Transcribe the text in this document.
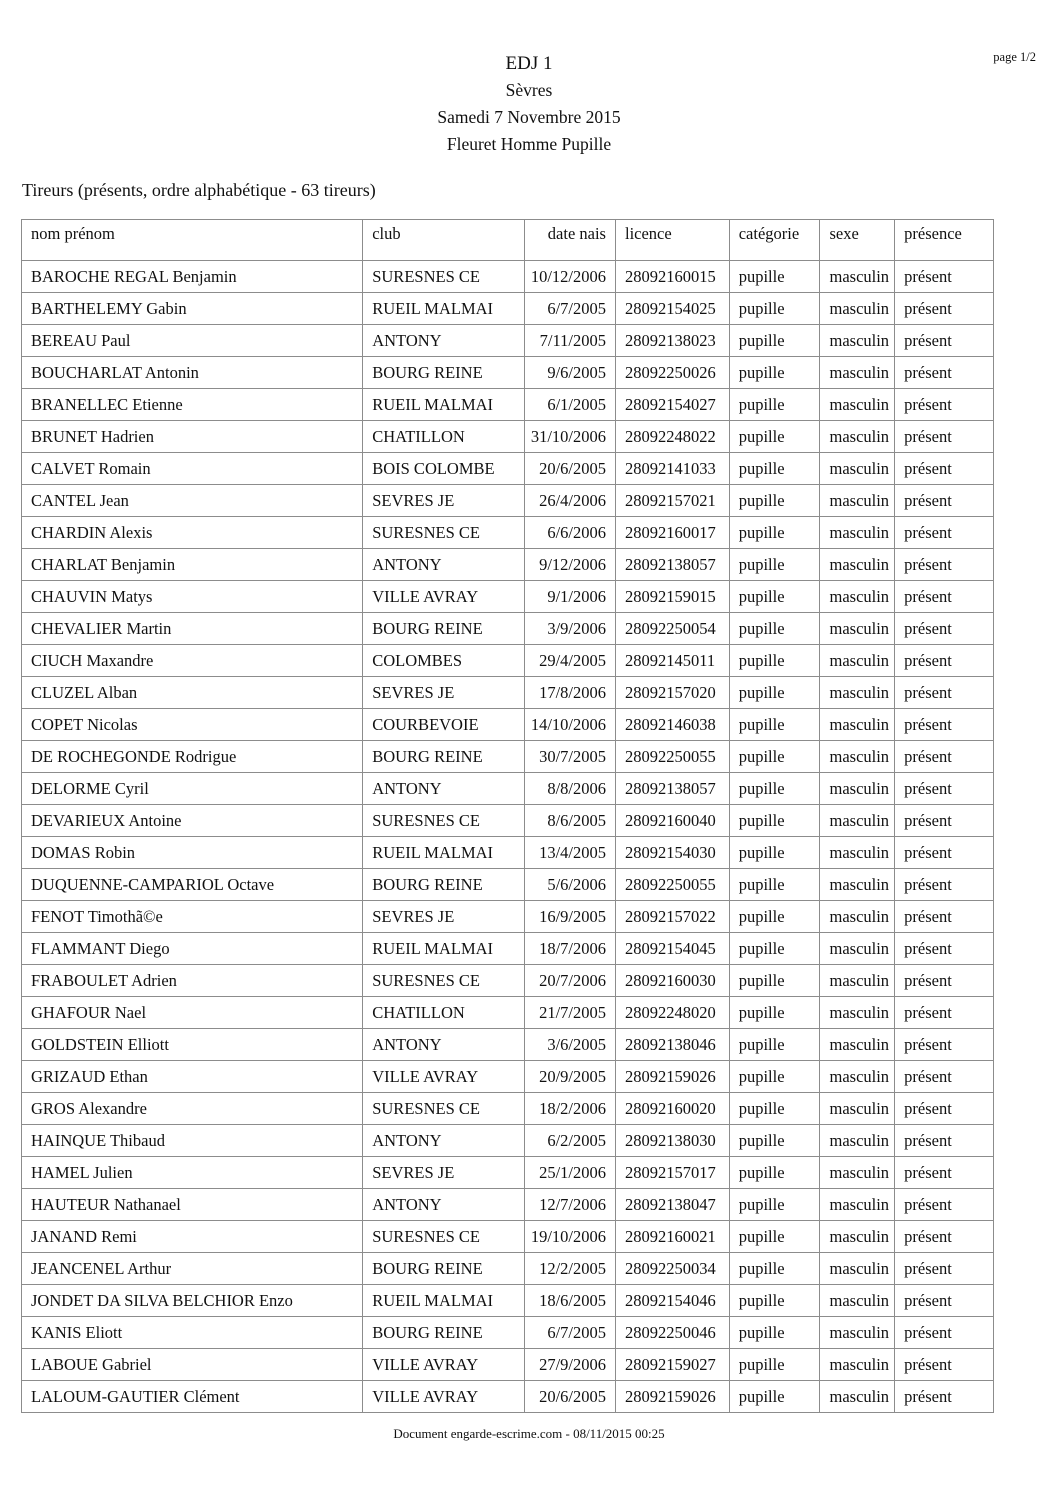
EDJ 1
Sèvres
Samedi 7 Novembre 2015
Fleuret Homme Pupille
page 1/2
Tireurs (présents, ordre alphabétique - 63 tireurs)
nom prénom	club	date nais	licence	catégorie	sexe	présence
BAROCHE REGAL Benjamin	SURESNES CE	10/12/2006	28092160015	pupille	masculin	présent
BARTHELEMY Gabin	RUEIL MALMAI	6/7/2005	28092154025	pupille	masculin	présent
BEREAU Paul	ANTONY	7/11/2005	28092138023	pupille	masculin	présent
BOUCHARLAT Antonin	BOURG REINE	9/6/2005	28092250026	pupille	masculin	présent
BRANELLEC Etienne	RUEIL MALMAI	6/1/2005	28092154027	pupille	masculin	présent
BRUNET Hadrien	CHATILLON	31/10/2006	28092248022	pupille	masculin	présent
CALVET Romain	BOIS COLOMBE	20/6/2005	28092141033	pupille	masculin	présent
CANTEL Jean	SEVRES JE	26/4/2006	28092157021	pupille	masculin	présent
CHARDIN Alexis	SURESNES CE	6/6/2006	28092160017	pupille	masculin	présent
CHARLAT Benjamin	ANTONY	9/12/2006	28092138057	pupille	masculin	présent
CHAUVIN Matys	VILLE AVRAY	9/1/2006	28092159015	pupille	masculin	présent
CHEVALIER Martin	BOURG REINE	3/9/2006	28092250054	pupille	masculin	présent
CIUCH Maxandre	COLOMBES	29/4/2005	28092145011	pupille	masculin	présent
CLUZEL Alban	SEVRES JE	17/8/2006	28092157020	pupille	masculin	présent
COPET Nicolas	COURBEVOIE	14/10/2006	28092146038	pupille	masculin	présent
DE ROCHEGONDE Rodrigue	BOURG REINE	30/7/2005	28092250055	pupille	masculin	présent
DELORME Cyril	ANTONY	8/8/2006	28092138057	pupille	masculin	présent
DEVARIEUX Antoine	SURESNES CE	8/6/2005	28092160040	pupille	masculin	présent
DOMAS Robin	RUEIL MALMAI	13/4/2005	28092154030	pupille	masculin	présent
DUQUENNE-CAMPARIOL Octave	BOURG REINE	5/6/2006	28092250055	pupille	masculin	présent
FENOT Timothã©e	SEVRES JE	16/9/2005	28092157022	pupille	masculin	présent
FLAMMANT Diego	RUEIL MALMAI	18/7/2006	28092154045	pupille	masculin	présent
FRABOULET Adrien	SURESNES CE	20/7/2006	28092160030	pupille	masculin	présent
GHAFOUR Nael	CHATILLON	21/7/2005	28092248020	pupille	masculin	présent
GOLDSTEIN Elliott	ANTONY	3/6/2005	28092138046	pupille	masculin	présent
GRIZAUD Ethan	VILLE AVRAY	20/9/2005	28092159026	pupille	masculin	présent
GROS Alexandre	SURESNES CE	18/2/2006	28092160020	pupille	masculin	présent
HAINQUE Thibaud	ANTONY	6/2/2005	28092138030	pupille	masculin	présent
HAMEL Julien	SEVRES JE	25/1/2006	28092157017	pupille	masculin	présent
HAUTEUR Nathanael	ANTONY	12/7/2006	28092138047	pupille	masculin	présent
JANAND Remi	SURESNES CE	19/10/2006	28092160021	pupille	masculin	présent
JEANCENEL Arthur	BOURG REINE	12/2/2005	28092250034	pupille	masculin	présent
JONDET DA SILVA BELCHIOR Enzo	RUEIL MALMAI	18/6/2005	28092154046	pupille	masculin	présent
KANIS Eliott	BOURG REINE	6/7/2005	28092250046	pupille	masculin	présent
LABOUE Gabriel	VILLE AVRAY	27/9/2006	28092159027	pupille	masculin	présent
LALOUM-GAUTIER Clément	VILLE AVRAY	20/6/2005	28092159026	pupille	masculin	présent
Document engarde-escrime.com - 08/11/2015 00:25
